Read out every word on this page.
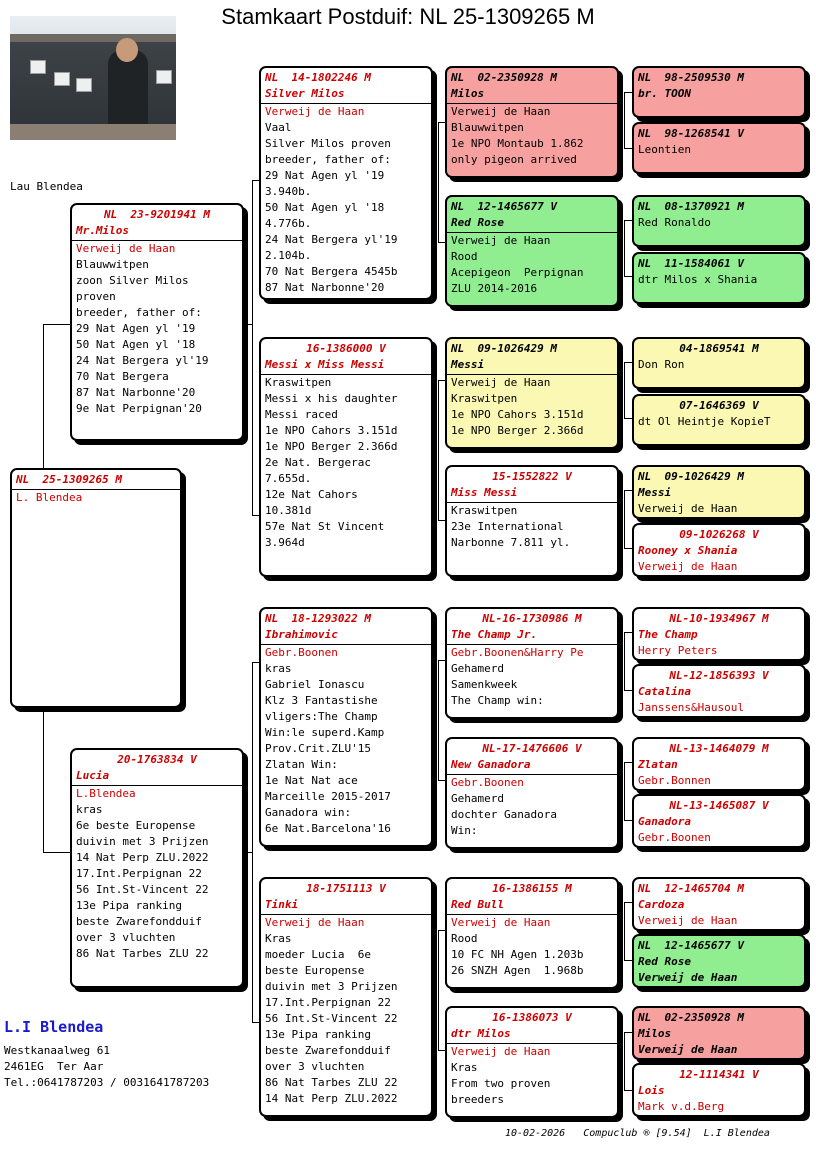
Stamkaart Postduif: NL 25-1309265 M
Lau Blendea
NL  25-1309265 M
L. Blendea
NL  23-9201941 M
Mr.Milos
Verweij de Haan
Blauwwitpen
zoon Silver Milos
proven
breeder, father of:
29 Nat Agen yl '19
50 Nat Agen yl '18
24 Nat Bergera yl'19
70 Nat Bergera
87 Nat Narbonne'20
9e Nat Perpignan'20
20-1763834 V
Lucia
L.Blendea
kras
6e beste Europense
duivin met 3 Prijzen
14 Nat Perp ZLU.2022
17.Int.Perpignan 22
56 Int.St-Vincent 22
13e Pipa ranking
beste Zwarefondduif
over 3 vluchten
86 Nat Tarbes ZLU 22
NL  14-1802246 M
Silver Milos
Verweij de Haan
Vaal
Silver Milos proven
breeder, father of:
29 Nat Agen yl '19
3.940b.
50 Nat Agen yl '18
4.776b.
24 Nat Bergera yl'19
2.104b.
70 Nat Bergera 4545b
87 Nat Narbonne'20
16-1386000 V
Messi x Miss Messi
Kraswitpen
Messi x his daughter
Messi raced
1e NPO Cahors 3.151d
1e NPO Berger 2.366d
2e Nat. Bergerac
7.655d.
12e Nat Cahors
10.381d
57e Nat St Vincent
3.964d
NL  18-1293022 M
Ibrahimovic
Gebr.Boonen
kras
Gabriel Ionascu
Klz 3 Fantastishe
vligers:The Champ
Win:le superd.Kamp
Prov.Crit.ZLU'15
Zlatan Win:
1e Nat Nat ace
Marceille 2015-2017
Ganadora win:
6e Nat.Barcelona'16
18-1751113 V
Tinki
Verweij de Haan
Kras
moeder Lucia  6e
beste Europense
duivin met 3 Prijzen
17.Int.Perpignan 22
56 Int.St-Vincent 22
13e Pipa ranking
beste Zwarefondduif
over 3 vluchten
86 Nat Tarbes ZLU 22
14 Nat Perp ZLU.2022
NL  02-2350928 M
Milos
Verweij de Haan
Blauwwitpen
1e NPO Montaub 1.862
only pigeon arrived
NL  12-1465677 V
Red Rose
Verweij de Haan
Rood
Acepigeon  Perpignan
ZLU 2014-2016
NL  09-1026429 M
Messi
Verweij de Haan
Kraswitpen
1e NPO Cahors 3.151d
1e NPO Berger 2.366d
15-1552822 V
Miss Messi
Kraswitpen
23e International
Narbonne 7.811 yl.
NL-16-1730986 M
The Champ Jr.
Gebr.Boonen&Harry Pe
Gehamerd
Samenkweek
The Champ win:
NL-17-1476606 V
New Ganadora
Gebr.Boonen
Gehamerd
dochter Ganadora
Win:
16-1386155 M
Red Bull
Verweij de Haan
Rood
10 FC NH Agen 1.203b
26 SNZH Agen  1.968b
16-1386073 V
dtr Milos
Verweij de Haan
Kras
From two proven
breeders
NL  98-2509530 M
br. TOON
NL  98-1268541 V
Leontien
NL  08-1370921 M
Red Ronaldo
NL  11-1584061 V
dtr Milos x Shania
04-1869541 M
Don Ron
07-1646369 V
dt Ol Heintje KopieT
NL  09-1026429 M
Messi
Verweij de Haan
09-1026268 V
Rooney x Shania
Verweij de Haan
NL-10-1934967 M
The Champ
Herry Peters
NL-12-1856393 V
Catalina
Janssens&Hausoul
NL-13-1464079 M
Zlatan
Gebr.Bonnen
NL-13-1465087 V
Ganadora
Gebr.Boonen
NL  12-1465704 M
Cardoza
Verweij de Haan
NL  12-1465677 V
Red Rose
Verweij de Haan
NL  02-2350928 M
Milos
Verweij de Haan
12-1114341 V
Lois
Mark v.d.Berg
L.I Blendea
Westkanaalweg 61
2461EG  Ter Aar
Tel.:0641787203 / 0031641787203
10-02-2026   Compuclub ® [9.54]  L.I Blendea
